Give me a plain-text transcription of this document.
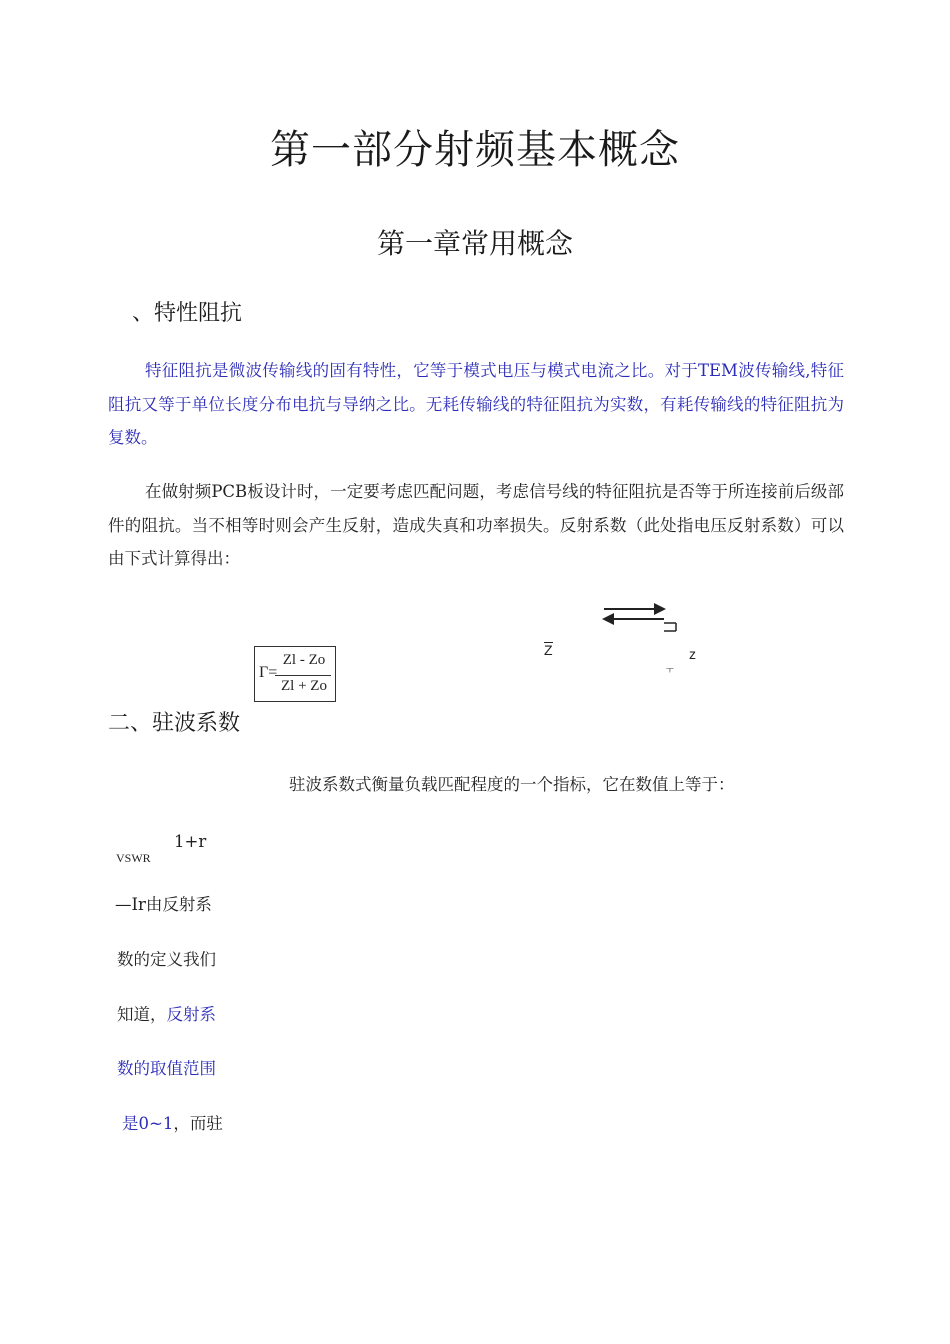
第一部分射频基本概念
第一章常用概念
、特性阻抗
特征阻抗是微波传输线的固有特性，它等于模式电压与模式电流之比。对于TEM波传输线,特征阻抗又等于单位长度分布电抗与导纳之比。无耗传输线的特征阻抗为实数，有耗传输线的特征阻抗为复数。
在做射频PCB板设计时，一定要考虑匹配问题，考虑信号线的特征阻抗是否等于所连接前后级部件的阻抗。当不相等时则会产生反射，造成失真和功率损失。反射系数（此处指电压反射系数）可以由下式计算得出：
Γ=
Zl - Zo
Zl + Zo
Z	z
ㅜ
二、驻波系数
驻波系数式衡量负载匹配程度的一个指标，它在数值上等于：
VSWR
1+r
—Ir由反射系
数的定义我们
知道，反射系
数的取值范围
是0~1，而驻
